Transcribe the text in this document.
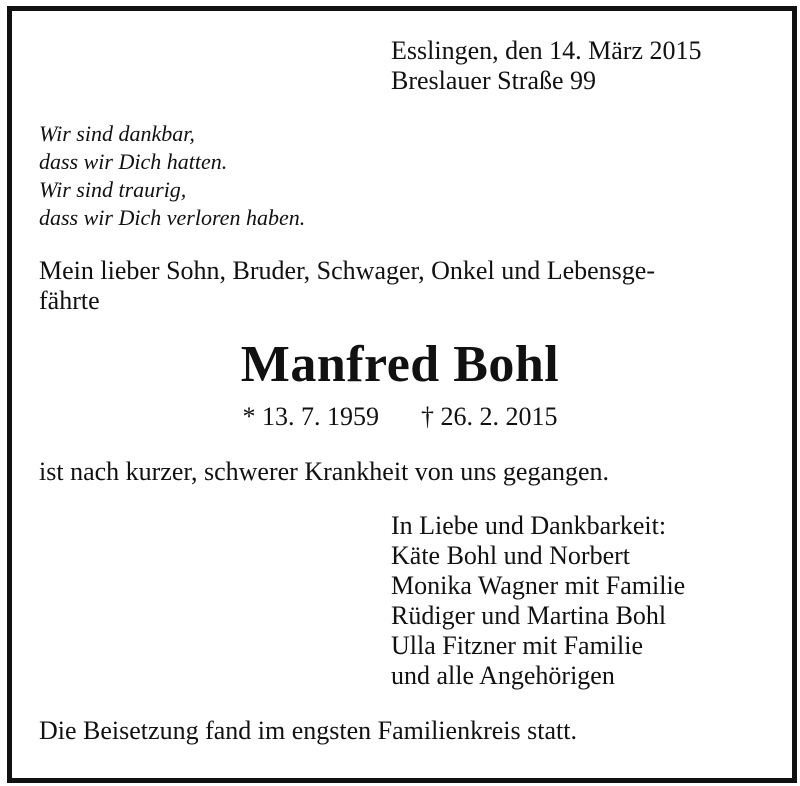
Esslingen, den 14. März 2015
Breslauer Straße 99
Wir sind dankbar,
dass wir Dich hatten.
Wir sind traurig,
dass wir Dich verloren haben.
Mein lieber Sohn, Bruder, Schwager, Onkel und Lebensge-
fährte
Manfred Bohl
* 13. 7. 1959 † 26. 2. 2015
ist nach kurzer, schwerer Krankheit von uns gegangen.
In Liebe und Dankbarkeit:
Käte Bohl und Norbert
Monika Wagner mit Familie
Rüdiger und Martina Bohl
Ulla Fitzner mit Familie
und alle Angehörigen
Die Beisetzung fand im engsten Familienkreis statt.
